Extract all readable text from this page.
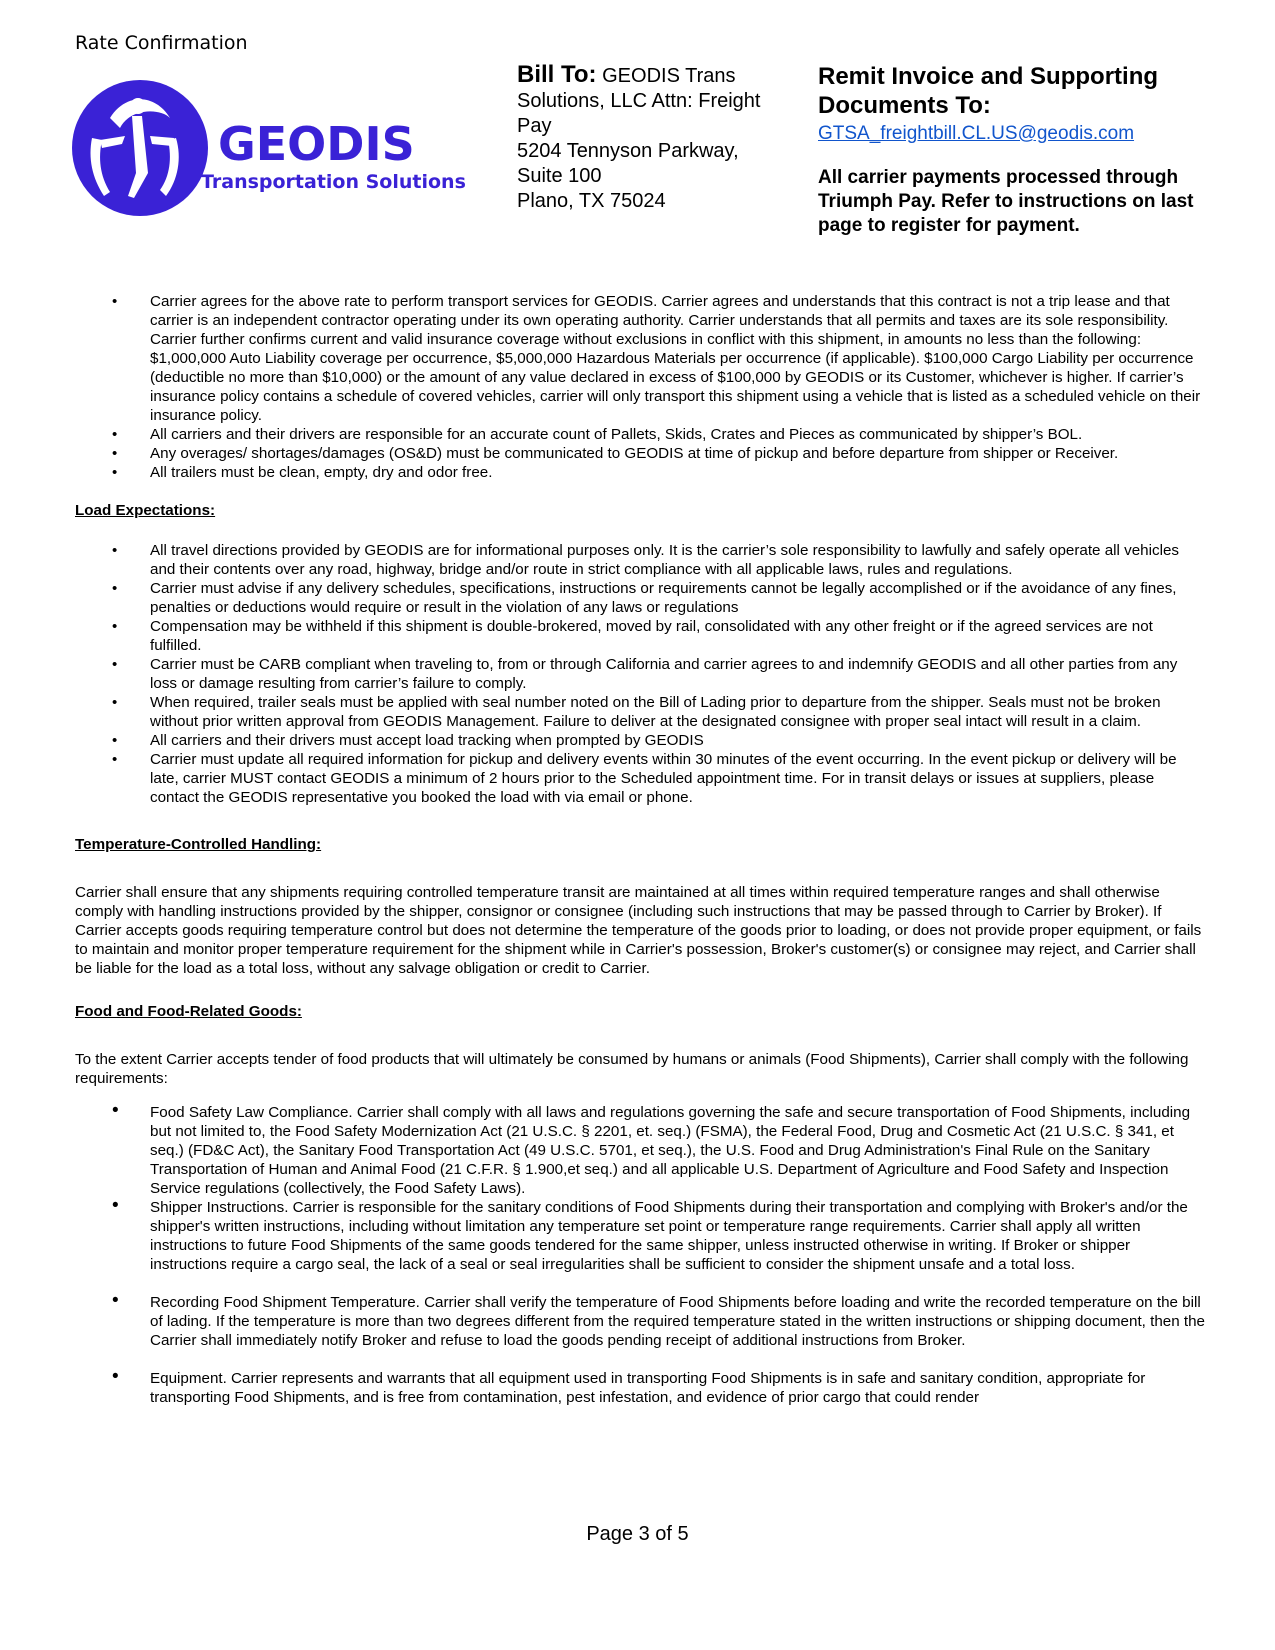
Rate Confirmation
GEODIS
Transportation Solutions
Bill To: GEODIS Trans
Solutions, LLC Attn: Freight
Pay
5204 Tennyson Parkway,
Suite 100
Plano, TX 75024
Remit Invoice and Supporting
Documents To:
GTSA_freightbill.CL.US@geodis.com

All carrier payments processed through Triumph Pay. Refer to instructions on last page to register for payment.

• Carrier agrees for the above rate to perform transport services for GEODIS. Carrier agrees and understands that this contract is not a trip lease and that carrier is an independent contractor operating under its own operating authority. Carrier understands that all permits and taxes are its sole responsibility. Carrier further confirms current and valid insurance coverage without exclusions in conflict with this shipment, in amounts no less than the following: $1,000,000 Auto Liability coverage per occurrence, $5,000,000 Hazardous Materials per occurrence (if applicable). $100,000 Cargo Liability per occurrence (deductible no more than $10,000) or the amount of any value declared in excess of $100,000 by GEODIS or its Customer, whichever is higher. If carrier’s insurance policy contains a schedule of covered vehicles, carrier will only transport this shipment using a vehicle that is listed as a scheduled vehicle on their insurance policy.
• All carriers and their drivers are responsible for an accurate count of Pallets, Skids, Crates and Pieces as communicated by shipper’s BOL.
• Any overages/ shortages/damages (OS&D) must be communicated to GEODIS at time of pickup and before departure from shipper or Receiver.
• All trailers must be clean, empty, dry and odor free.

Load Expectations:

• All travel directions provided by GEODIS are for informational purposes only. It is the carrier’s sole responsibility to lawfully and safely operate all vehicles and their contents over any road, highway, bridge and/or route in strict compliance with all applicable laws, rules and regulations.
• Carrier must advise if any delivery schedules, specifications, instructions or requirements cannot be legally accomplished or if the avoidance of any fines, penalties or deductions would require or result in the violation of any laws or regulations
• Compensation may be withheld if this shipment is double-brokered, moved by rail, consolidated with any other freight or if the agreed services are not fulfilled.
• Carrier must be CARB compliant when traveling to, from or through California and carrier agrees to and indemnify GEODIS and all other parties from any loss or damage resulting from carrier’s failure to comply.
• When required, trailer seals must be applied with seal number noted on the Bill of Lading prior to departure from the shipper. Seals must not be broken without prior written approval from GEODIS Management. Failure to deliver at the designated consignee with proper seal intact will result in a claim.
• All carriers and their drivers must accept load tracking when prompted by GEODIS
• Carrier must update all required information for pickup and delivery events within 30 minutes of the event occurring. In the event pickup or delivery will be late, carrier MUST contact GEODIS a minimum of 2 hours prior to the Scheduled appointment time. For in transit delays or issues at suppliers, please contact the GEODIS representative you booked the load with via email or phone.

Temperature-Controlled Handling:

Carrier shall ensure that any shipments requiring controlled temperature transit are maintained at all times within required temperature ranges and shall otherwise comply with handling instructions provided by the shipper, consignor or consignee (including such instructions that may be passed through to Carrier by Broker). If Carrier accepts goods requiring temperature control but does not determine the temperature of the goods prior to loading, or does not provide proper equipment, or fails to maintain and monitor proper temperature requirement for the shipment while in Carrier's possession, Broker's customer(s) or consignee may reject, and Carrier shall be liable for the load as a total loss, without any salvage obligation or credit to Carrier.

Food and Food-Related Goods:

To the extent Carrier accepts tender of food products that will ultimately be consumed by humans or animals (Food Shipments), Carrier shall comply with the following requirements:

• Food Safety Law Compliance. Carrier shall comply with all laws and regulations governing the safe and secure transportation of Food Shipments, including but not limited to, the Food Safety Modernization Act (21 U.S.C. § 2201, et. seq.) (FSMA), the Federal Food, Drug and Cosmetic Act (21 U.S.C. § 341, et seq.) (FD&C Act), the Sanitary Food Transportation Act (49 U.S.C. 5701, et seq.), the U.S. Food and Drug Administration's Final Rule on the Sanitary Transportation of Human and Animal Food (21 C.F.R. § 1.900,et seq.) and all applicable U.S. Department of Agriculture and Food Safety and Inspection Service regulations (collectively, the Food Safety Laws).
• Shipper Instructions. Carrier is responsible for the sanitary conditions of Food Shipments during their transportation and complying with Broker's and/or the shipper's written instructions, including without limitation any temperature set point or temperature range requirements. Carrier shall apply all written instructions to future Food Shipments of the same goods tendered for the same shipper, unless instructed otherwise in writing. If Broker or shipper instructions require a cargo seal, the lack of a seal or seal irregularities shall be sufficient to consider the shipment unsafe and a total loss.
• Recording Food Shipment Temperature. Carrier shall verify the temperature of Food Shipments before loading and write the recorded temperature on the bill of lading. If the temperature is more than two degrees different from the required temperature stated in the written instructions or shipping document, then the Carrier shall immediately notify Broker and refuse to load the goods pending receipt of additional instructions from Broker.
• Equipment. Carrier represents and warrants that all equipment used in transporting Food Shipments is in safe and sanitary condition, appropriate for transporting Food Shipments, and is free from contamination, pest infestation, and evidence of prior cargo that could render
Page 3 of 5
